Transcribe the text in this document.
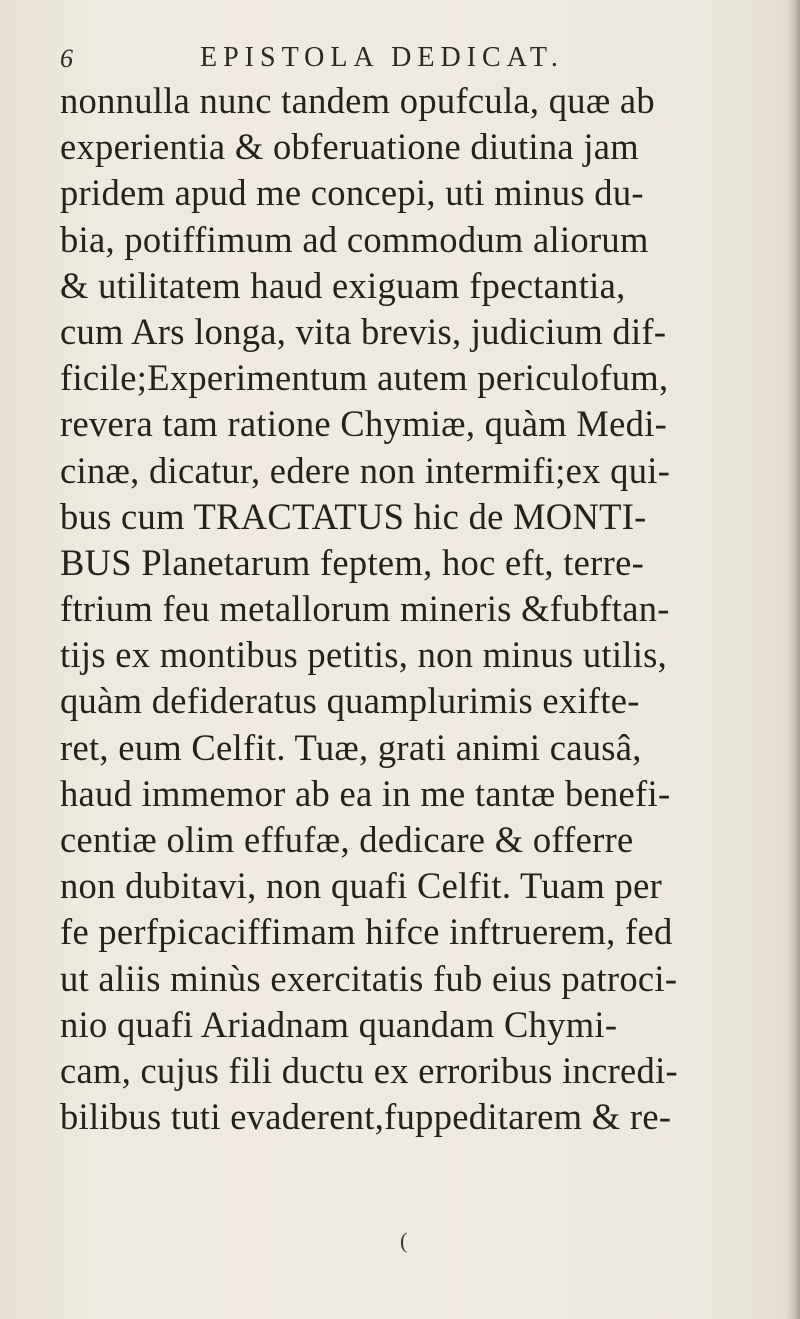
6	EPISTOLA DEDICAT.
nonnulla nunc tandem opufcula, quæ ab
experientia & obferuatione diutina jam
pridem apud me concepi, uti minus du-
bia, potiffimum ad commodum aliorum
& utilitatem haud exiguam fpectantia,
cum Ars longa, vita brevis, judicium dif-
ficile;Experimentum autem periculofum,
revera tam ratione Chymiæ, quàm Medi-
cinæ, dicatur, edere non intermifi;ex qui-
bus cum TRACTATUS hic de MONTI-
BUS Planetarum feptem, hoc eft, terre-
ftrium feu metallorum mineris &fubftan-
tijs ex montibus petitis, non minus utilis,
quàm defideratus quamplurimis exifte-
ret, eum Celfit. Tuæ, grati animi causâ,
haud immemor ab ea in me tantæ benefi-
centiæ olim effufæ, dedicare & offerre
non dubitavi, non quafi Celfit. Tuam per
fe perfpicaciffimam hifce inftruerem, fed
ut aliis minùs exercitatis fub eius patroci-
nio quafi Ariadnam quandam Chymi-
cam, cujus fili ductu ex erroribus incredi-
bilibus tuti evaderent,fuppeditarem & re-
(
